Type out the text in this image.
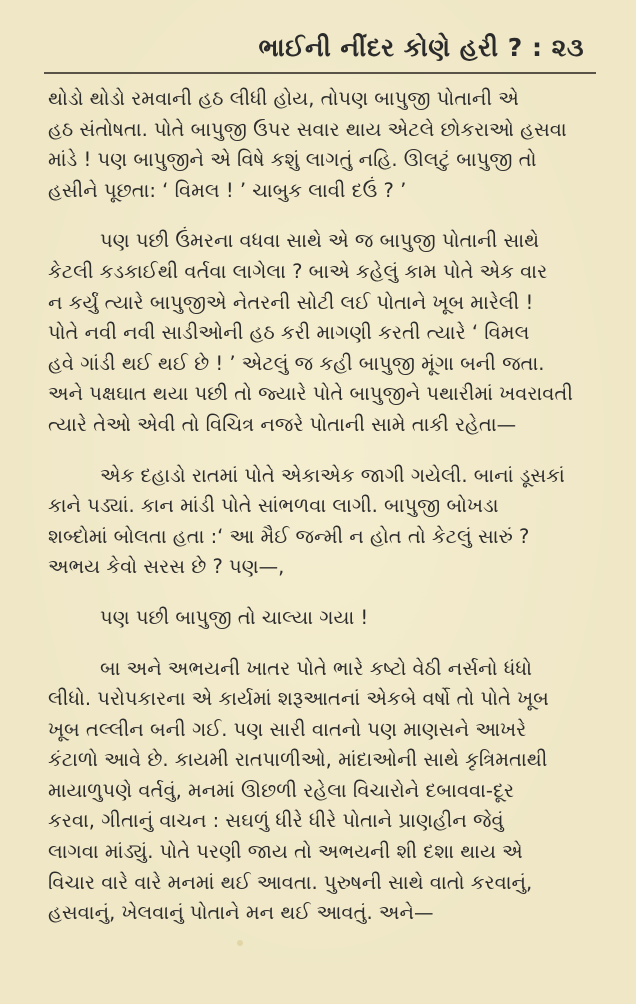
ભાઈની નીંદર કોણે હરી ? : ૨૩
થોડો થોડો રમવાની હઠ લીધી હોય, તોપણ બાપુજી પોતાની એ
હઠ સંતોષતા. પોતે બાપુજી ઉપર સવાર થાય એટલે છોકરાઓ હસવા
માંડે ! પણ બાપુજીને એ વિષે કશું લાગતું નહિ. ઊલટું બાપુજી તો
હસીને પૂછતા: ‘ વિમલ ! ’ ચાબુક લાવી દઉં ? ’
પણ પછી ઉંમરના વધવા સાથે એ જ બાપુજી પોતાની સાથે
કેટલી કડકાઈથી વર્તવા લાગેલા ? બાએ કહેલું કામ પોતે એક વાર
ન કર્યું ત્યારે બાપુજીએ નેતરની સોટી લઈ પોતાને ખૂબ મારેલી !
પોતે નવી નવી સાડીઓની હઠ કરી માગણી કરતી ત્યારે ‘ વિમલ
હવે ગાંડી થઈ થઈ છે ! ’ એટલું જ કહી બાપુજી મૂંગા બની જતા.
અને પક્ષઘાત થયા પછી તો જ્યારે પોતે બાપુજીને પથારીમાં ખવરાવતી
ત્યારે તેઓ એવી તો વિચિત્ર નજરે પોતાની સામે તાકી રહેતા—
એક દહાડો રાતમાં પોતે એકાએક જાગી ગયેલી. બાનાં ડૂસકાં
કાને પડ્યાં. કાન માંડી પોતે સાંભળવા લાગી. બાપુજી બોખડા
શબ્દોમાં બોલતા હતા :‘ આ મૈઈ જન્મી ન હોત તો કેટલું સારું ?
અભય કેવો સરસ છે ? પણ—,
પણ પછી બાપુજી તો ચાલ્યા ગયા !
બા અને અભયની ખાતર પોતે ભારે કષ્ટો વેઠી નર્સનો ધંધો
લીધો. પરોપકારના એ કાર્યમાં શરૂઆતનાં એકબે વર્ષો તો પોતે ખૂબ
ખૂબ તલ્લીન બની ગઈ. પણ સારી વાતનો પણ માણસને આખરે
કંટાળો આવે છે. કાયમી રાતપાળીઓ, માંદાઓની સાથે કૃત્રિમતાથી
માયાળુપણે વર્તવું, મનમાં ઊછળી રહેલા વિચારોને દબાવવા-દૂર
કરવા, ગીતાનું વાચન : સઘળું ધીરે ધીરે પોતાને પ્રાણહીન જેવું
લાગવા માંડ્યું. પોતે પરણી જાય તો અભયની શી દશા થાય એ
વિચાર વારે વારે મનમાં થઈ આવતા. પુરુષની સાથે વાતો કરવાનું,
હસવાનું, ખેલવાનું પોતાને મન થઈ આવતું. અને—
